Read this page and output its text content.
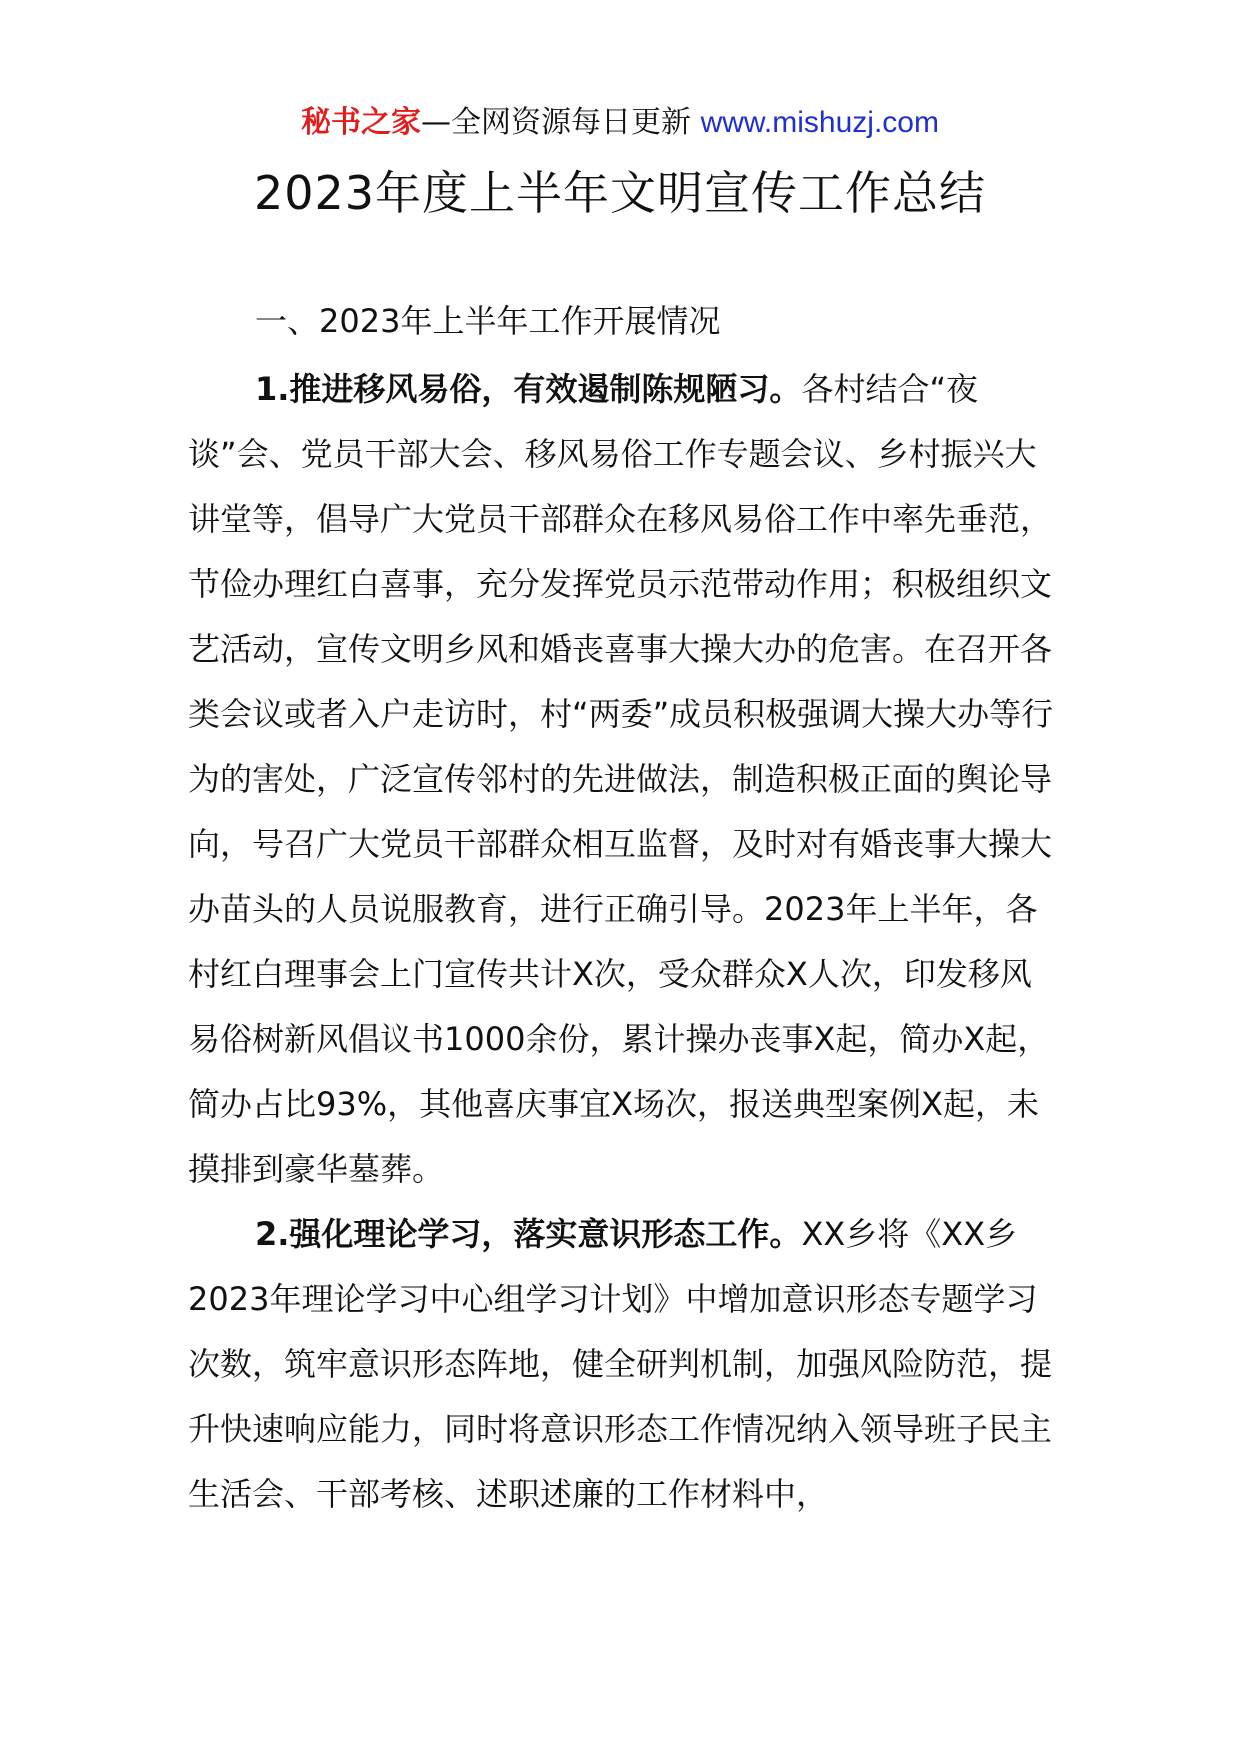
秘书之家—全网资源每日更新 www.mishuzj.com
2023年度上半年文明宣传工作总结
一、2023年上半年工作开展情况

1.推进移风易俗，有效遏制陈规陋习。各村结合“夜谈”会、党员干部大会、移风易俗工作专题会议、乡村振兴大讲堂等，倡导广大党员干部群众在移风易俗工作中率先垂范，节俭办理红白喜事，充分发挥党员示范带动作用；积极组织文艺活动，宣传文明乡风和婚丧喜事大操大办的危害。在召开各类会议或者入户走访时，村“两委”成员积极强调大操大办等行为的害处，广泛宣传邻村的先进做法，制造积极正面的舆论导向，号召广大党员干部群众相互监督，及时对有婚丧事大操大办苗头的人员说服教育，进行正确引导。2023年上半年，各村红白理事会上门宣传共计X次，受众群众X人次，印发移风易俗树新风倡议书1000余份，累计操办丧事X起，简办X起，简办占比93%，其他喜庆事宜X场次，报送典型案例X起，未摸排到豪华墓葬。

2.强化理论学习，落实意识形态工作。XX乡将《XX乡2023年理论学习中心组学习计划》中增加意识形态专题学习次数，筑牢意识形态阵地，健全研判机制，加强风险防范，提升快速响应能力，同时将意识形态工作情况纳入领导班子民主生活会、干部考核、述职述廉的工作材料中，
